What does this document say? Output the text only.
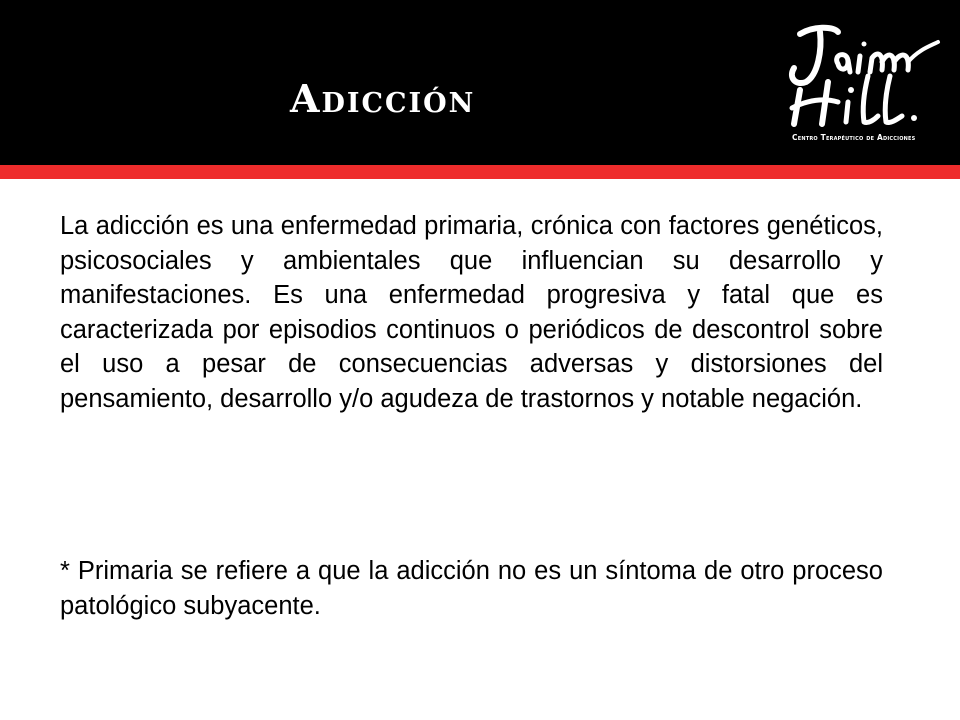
Adicción
Centro Terapéutico de Adicciones

La adicción es una enfermedad primaria, crónica con factores genéticos, psicosociales y ambientales que influencian su desarrollo y manifestaciones. Es una enfermedad progresiva y fatal que es caracterizada por episodios continuos o periódicos de descontrol sobre el uso a pesar de consecuencias adversas y distorsiones del pensamiento, desarrollo y/o agudeza de trastornos y notable negación.

* Primaria se refiere a que la adicción no es un síntoma de otro proceso patológico subyacente.
